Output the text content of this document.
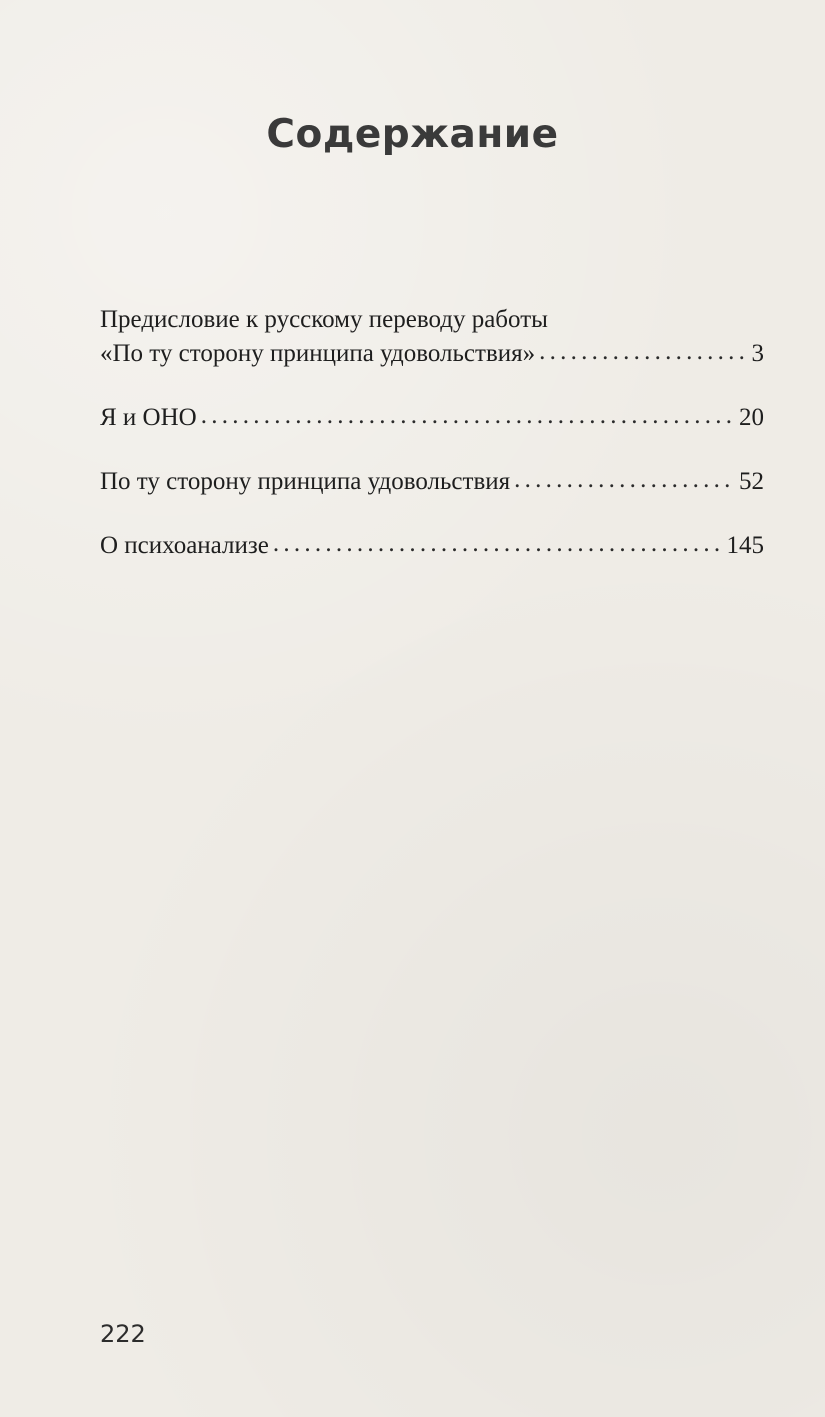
Содержание
Предисловие к русскому переводу работы
«По ту сторону принципа удовольствия» . . .	3
Я и ОНО . . .	20
По ту сторону принципа удовольствия . . .	52
О психоанализе . . .	145
222
